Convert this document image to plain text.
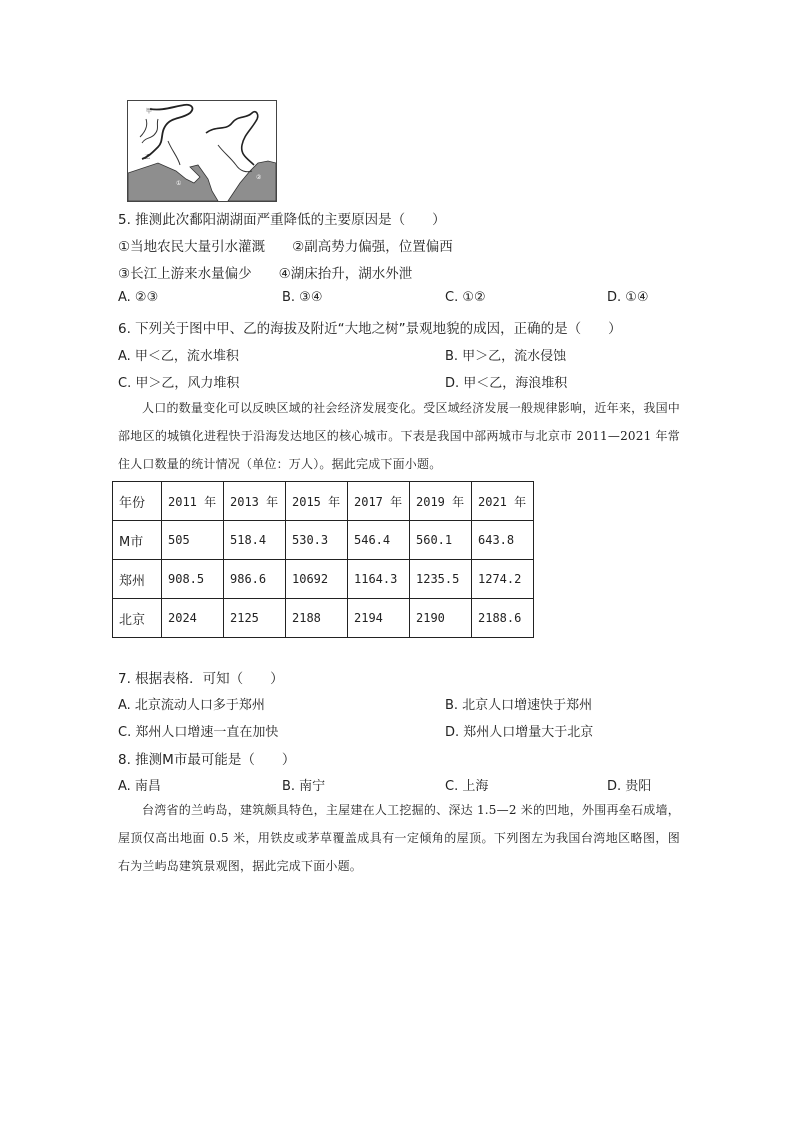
甲
乙
①
②
5. 推测此次鄱阳湖湖面严重降低的主要原因是（　　）
①当地农民大量引水灌溉　　②副高势力偏强，位置偏西
③长江上游来水量偏少　　④湖床抬升，湖水外泄
A. ②③	B. ③④	C. ①②	D. ①④
6. 下列关于图中甲、乙的海拔及附近“大地之树”景观地貌的成因，正确的是（　　）
A. 甲＜乙，流水堆积	B. 甲＞乙，流水侵蚀
C. 甲＞乙，风力堆积	D. 甲＜乙，海浪堆积
人口的数量变化可以反映区域的社会经济发展变化。受区域经济发展一般规律影响，近年来，我国中部地区的城镇化进程快于沿海发达地区的核心城市。下表是我国中部两城市与北京市 2011—2021 年常住人口数量的统计情况（单位：万人）。据此完成下面小题。
年份	2011 年	2013 年	2015 年	2017 年	2019 年	2021 年
M市	505	518.4	530.3	546.4	560.1	643.8
郑州	908.5	986.6	10692	1164.3	1235.5	1274.2
北京	2024	2125	2188	2194	2190	2188.6
7. 根据表格．可知（　　）
A. 北京流动人口多于郑州	B. 北京人口增速快于郑州
C. 郑州人口增速一直在加快	D. 郑州人口增量大于北京
8. 推测M市最可能是（　　）
A. 南昌	B. 南宁	C. 上海	D. 贵阳
台湾省的兰屿岛，建筑颇具特色，主屋建在人工挖掘的、深达 1.5—2 米的凹地，外围再垒石成墙，屋顶仅高出地面 0.5 米，用铁皮或茅草覆盖成具有一定倾角的屋顶。下列图左为我国台湾地区略图，图右为兰屿岛建筑景观图，据此完成下面小题。
